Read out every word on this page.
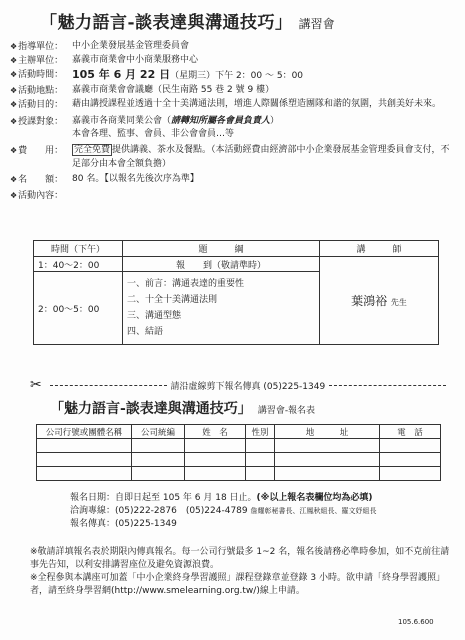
「魅力語言-談表達與溝通技巧」 講習會
❖指導單位： 中小企業發展基金管理委員會
❖主辦單位： 嘉義市商業會中小商業服務中心
❖活動時間： 105 年 6 月 22 日（星期三）下午 2：00 ～ 5：00
❖活動地點： 嘉義市商業會會議廳（民生南路 55 巷 2 號 9 樓）
❖活動目的： 藉由講授課程並透過十全十美溝通法則，增進人際關係塑造團隊和諧的氛圍，共創美好未來。
❖授課對象： 嘉義市各商業同業公會（請轉知所屬各會員負責人）
本會各理、監事、會員、非公會會員…等
❖費　　用：	完全免費 提供講義、茶水及餐點。（本活動經費由經濟部中小企業發展基金管理委員會支付，不足部分由本會全額負擔）
❖名　　額： 80 名。【以報名先後次序為準】
❖活動內容：
時間（下午）	題　　　綱	講　　　師
1：40～2：00	報　　到（敬請準時）	葉鴻裕 先生
2：00～5：00	一、前言：溝通表達的重要性
二、十全十美溝通法則
三、溝通型態
四、結語	
✂	請沿虛線剪下報名傳真 (05)225-1349
「魅力語言-談表達與溝通技巧」 講習會-報名表
公司行號或團體名稱	公司統編	姓　名	性別	地　　　址	電　話

報名日期：自即日起至 105 年 6 月 18 日止。(※以上報名表欄位均為必填)
洽詢專線：(05)222-2876　(05)224-4789 詹耀彰秘書長、江鳳秋組長、羅文妤組長
報名傳真：(05)225-1349

※敬請詳填報名表於期限內傳真報名。每一公司行號最多 1~2 名，報名後請務必準時參加，如不克前往請事先告知，以利安排講習座位及避免資源浪費。

※全程參與本講座可加蓋「中小企業終身學習護照」課程登錄章並登錄 3 小時。欲申請「終身學習護照」者，請至終身學習網(http://www.smelearning.org.tw/)線上申請。

105.6.600
